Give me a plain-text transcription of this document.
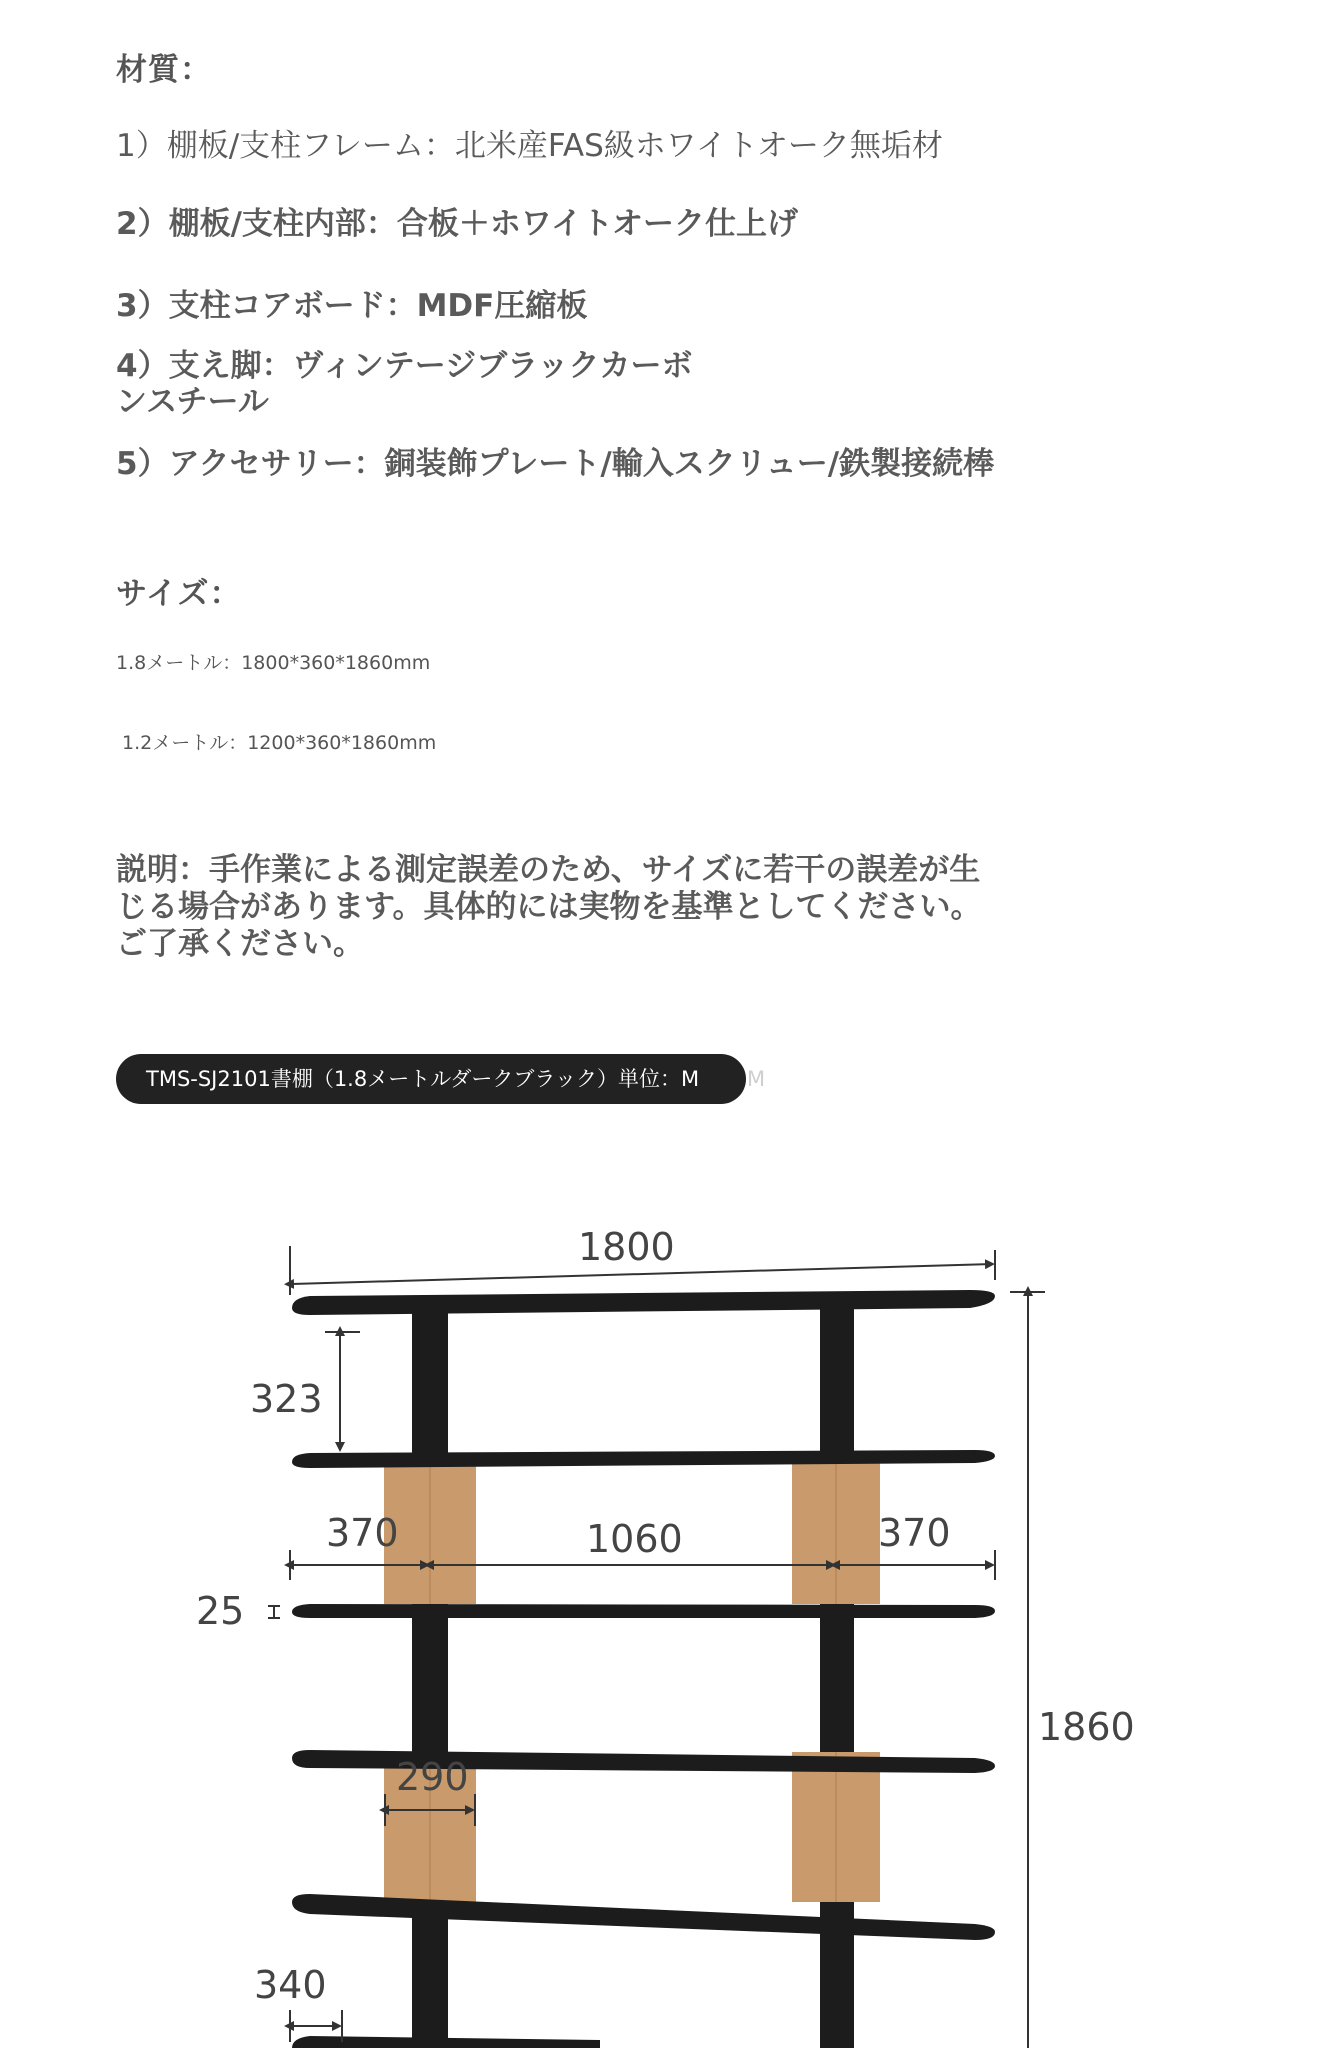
材質：
1）棚板/支柱フレーム：北米産FAS級ホワイトオーク無垢材
2）棚板/支柱内部：合板＋ホワイトオーク仕上げ
3）支柱コアボード：MDF圧縮板
4）支え脚：ヴィンテージブラックカーボ
ンスチール
5）アクセサリー：銅装飾プレート/輸入スクリュー/鉄製接続棒
サイズ：
1.8メートル：1800*360*1860mm
1.2メートル：1200*360*1860mm
説明：手作業による測定誤差のため、サイズに若干の誤差が生じる場合があります。具体的には実物を基準としてください。ご了承ください。
TMS-SJ2101書棚（1.8メートルダークブラック）単位：M	M
1800
1860
323
370	1060	370
25
290
340
